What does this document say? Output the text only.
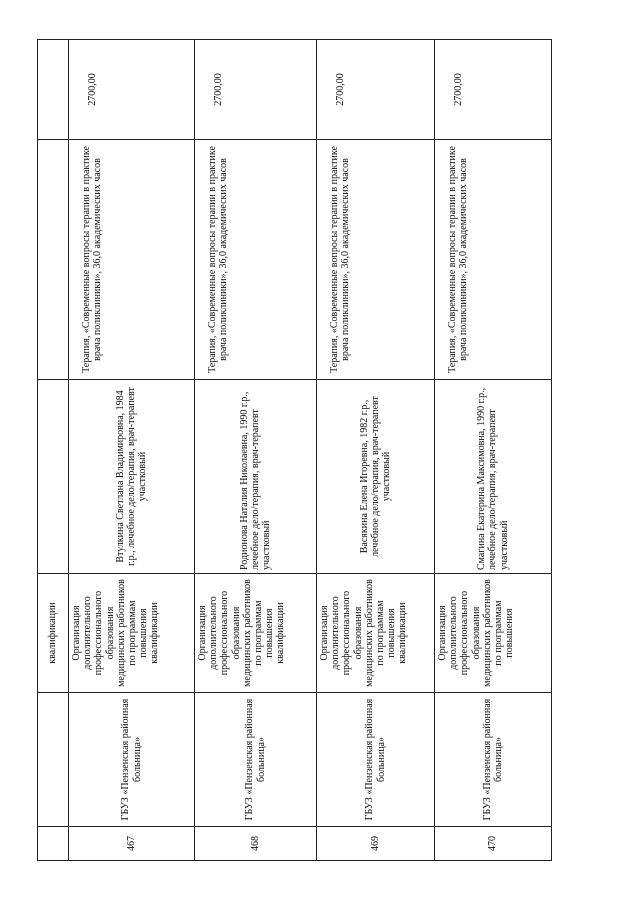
		квалификации			
467	ГБУЗ «Пензенская районная больница»	Организация дополнительного профессионального образования медицинских работников по программам повышения квалификации	Втулкина Светлана Владимировна, 1984 г.р., лечебное дело/терапия, врач-терапевт участковый	Терапия, «Современные вопросы терапии в практике врача поликлиники», 36,0 академических часов	2700,00
468	ГБУЗ «Пензенская районная больница»	Организация дополнительного профессионального образования медицинских работников по программам повышения квалификации	Родионова Наталия Николаевна, 1990 г.р., лечебное дело/терапия, врач-терапевт участковый	Терапия, «Современные вопросы терапии в практике врача поликлиники», 36,0 академических часов	2700,00
469	ГБУЗ «Пензенская районная больница»	Организация дополнительного профессионального образования медицинских работников по программам повышения квалификации	Васякина Елена Игоревна, 1982 г.р., лечебное дело/терапия, врач-терапевт участковый	Терапия, «Современные вопросы терапии в практике врача поликлиники», 36,0 академических часов	2700,00
470	ГБУЗ «Пензенская районная больница»	Организация дополнительного профессионального образования медицинских работников по программам повышения	Смагина Екатерина Максимовна, 1990 г.р., лечебное дело/терапия, врач-терапевт участковый	Терапия, «Современные вопросы терапии в практике врача поликлиники», 36,0 академических часов	2700,00
